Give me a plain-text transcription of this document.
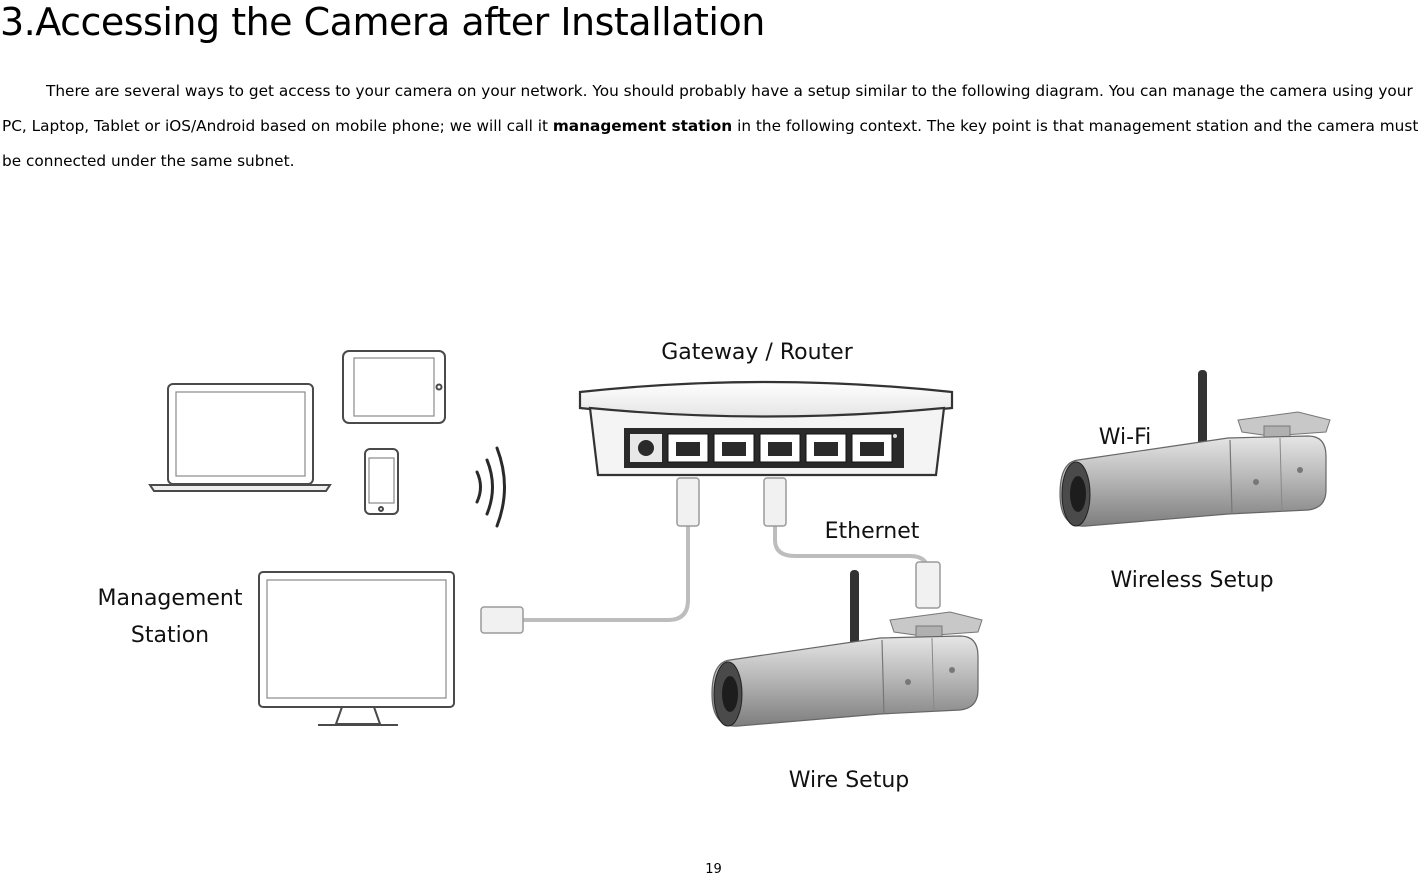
3.Accessing the Camera after Installation

There are several ways to get access to your camera on your network. You should probably have a setup similar to the following diagram. You can manage the camera using your PC, Laptop, Tablet or iOS/Android based on mobile phone; we will call it management station in the following context. The key point is that management station and the camera must be connected under the same subnet.

Gateway / Router
Wi-Fi
Ethernet
Management
Station
Wireless Setup
Wire Setup
19
